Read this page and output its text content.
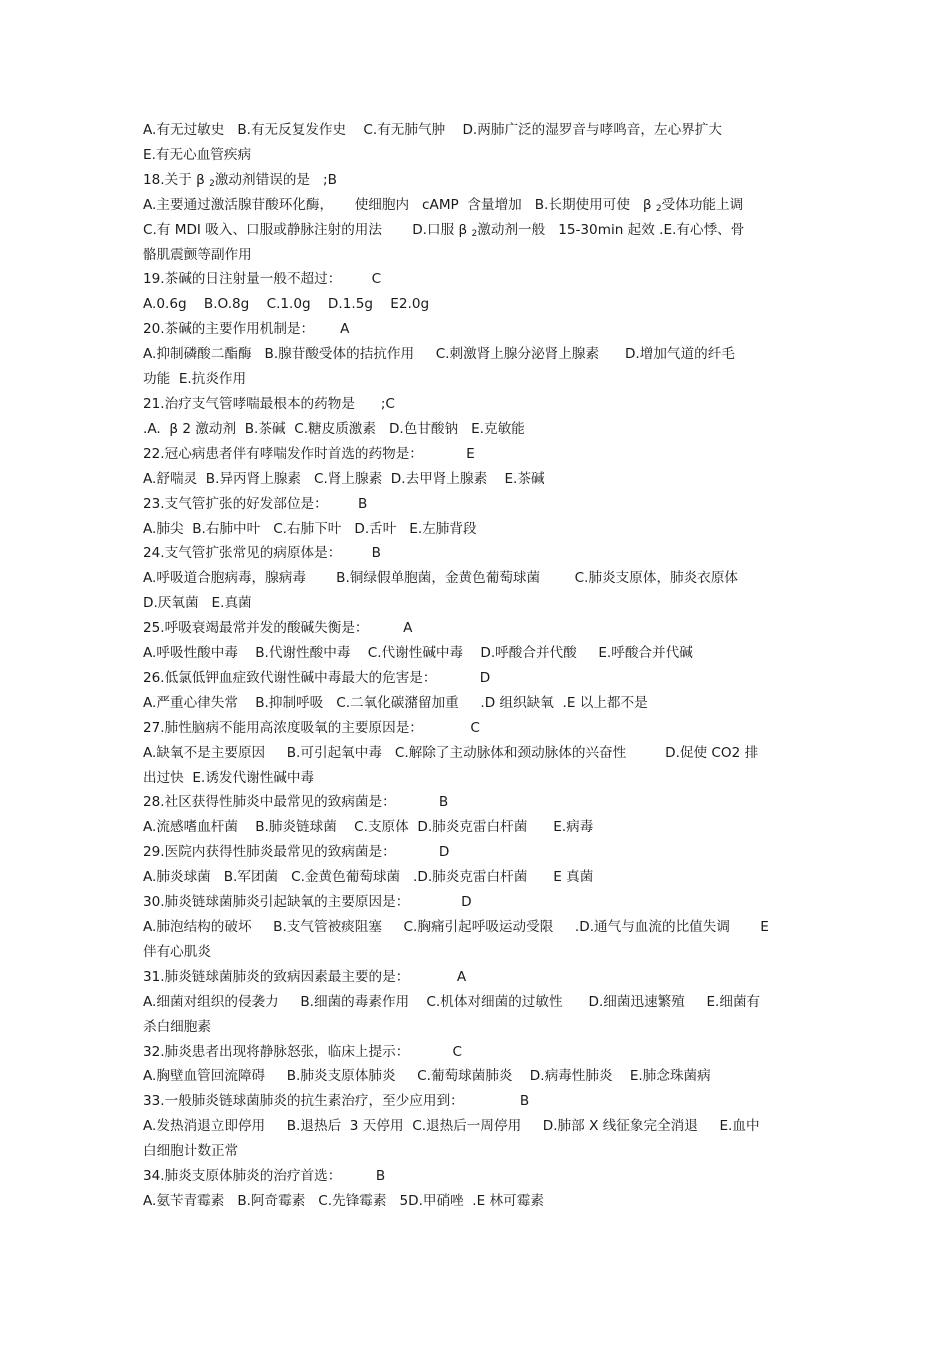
A.有无过敏史   B.有无反复发作史    C.有无肺气肿    D.两肺广泛的湿罗音与哮鸣音，左心界扩大
E.有无心血管疾病
18.关于 β $_2$激动剂错误的是   ;B
A.主要通过激活腺苷酸环化酶，     使细胞内   cAMP  含量增加   B.长期使用可使   β $_2$受体功能上调
C.有 MDI 吸入、口服或静脉注射的用法       D.口服 β $_2$激动剂一般   15-30min 起效 .E.有心悸、骨
骼肌震颤等副作用
19.茶碱的日注射量一般不超过：       C
A.0.6g    B.O.8g    C.1.0g    D.1.5g    E2.0g
20.茶碱的主要作用机制是：      A
A.抑制磷酸二酯酶   B.腺苷酸受体的拮抗作用     C.刺激肾上腺分泌肾上腺素      D.增加气道的纤毛
功能  E.抗炎作用
21.治疗支气管哮喘最根本的药物是      ;C
.A.  β 2 激动剂  B.茶碱  C.糖皮质激素   D.色甘酸钠   E.克敏能
22.冠心病患者伴有哮喘发作时首选的药物是：          E
A.舒喘灵  B.异丙肾上腺素   C.肾上腺素  D.去甲肾上腺素    E.茶碱
23.支气管扩张的好发部位是：       B
A.肺尖  B.右肺中叶   C.右肺下叶   D.舌叶   E.左肺背段
24.支气管扩张常见的病原体是：       B
A.呼吸道合胞病毒，腺病毒       B.铜绿假单胞菌，金黄色葡萄球菌        C.肺炎支原体，肺炎衣原体
D.厌氧菌   E.真菌
25.呼吸衰竭最常并发的酸碱失衡是：        A
A.呼吸性酸中毒    B.代谢性酸中毒    C.代谢性碱中毒    D.呼酸合并代酸     E.呼酸合并代碱
26.低氯低钾血症致代谢性碱中毒最大的危害是：          D
A.严重心律失常    B.抑制呼吸   C.二氧化碳潴留加重     .D 组织缺氧  .E 以上都不是
27.肺性脑病不能用高浓度吸氧的主要原因是：           C
A.缺氧不是主要原因     B.可引起氧中毒   C.解除了主动脉体和颈动脉体的兴奋性         D.促使 CO2 排
出过快  E.诱发代谢性碱中毒
28.社区获得性肺炎中最常见的致病菌是：          B
A.流感嗜血杆菌    B.肺炎链球菌    C.支原体  D.肺炎克雷白杆菌      E.病毒
29.医院内获得性肺炎最常见的致病菌是：          D
A.肺炎球菌   B.军团菌   C.金黄色葡萄球菌   .D.肺炎克雷白杆菌      E 真菌
30.肺炎链球菌肺炎引起缺氧的主要原因是：            D
A.肺泡结构的破坏     B.支气管被痰阻塞     C.胸痛引起呼吸运动受限     .D.通气与血流的比值失调       E
伴有心肌炎
31.肺炎链球菌肺炎的致病因素最主要的是：           A
A.细菌对组织的侵袭力     B.细菌的毒素作用    C.机体对细菌的过敏性      D.细菌迅速繁殖     E.细菌有
杀白细胞素
32.肺炎患者出现将静脉怒张，临床上提示：          C
A.胸壁血管回流障碍     B.肺炎支原体肺炎     C.葡萄球菌肺炎    D.病毒性肺炎    E.肺念珠菌病
33.一般肺炎链球菌肺炎的抗生素治疗，至少应用到：             B
A.发热消退立即停用     B.退热后  3 天停用  C.退热后一周停用     D.肺部 X 线征象完全消退     E.血中
白细胞计数正常
34.肺炎支原体肺炎的治疗首选：        B
A.氨苄青霉素   B.阿奇霉素   C.先锋霉素   5D.甲硝唑  .E 林可霉素
